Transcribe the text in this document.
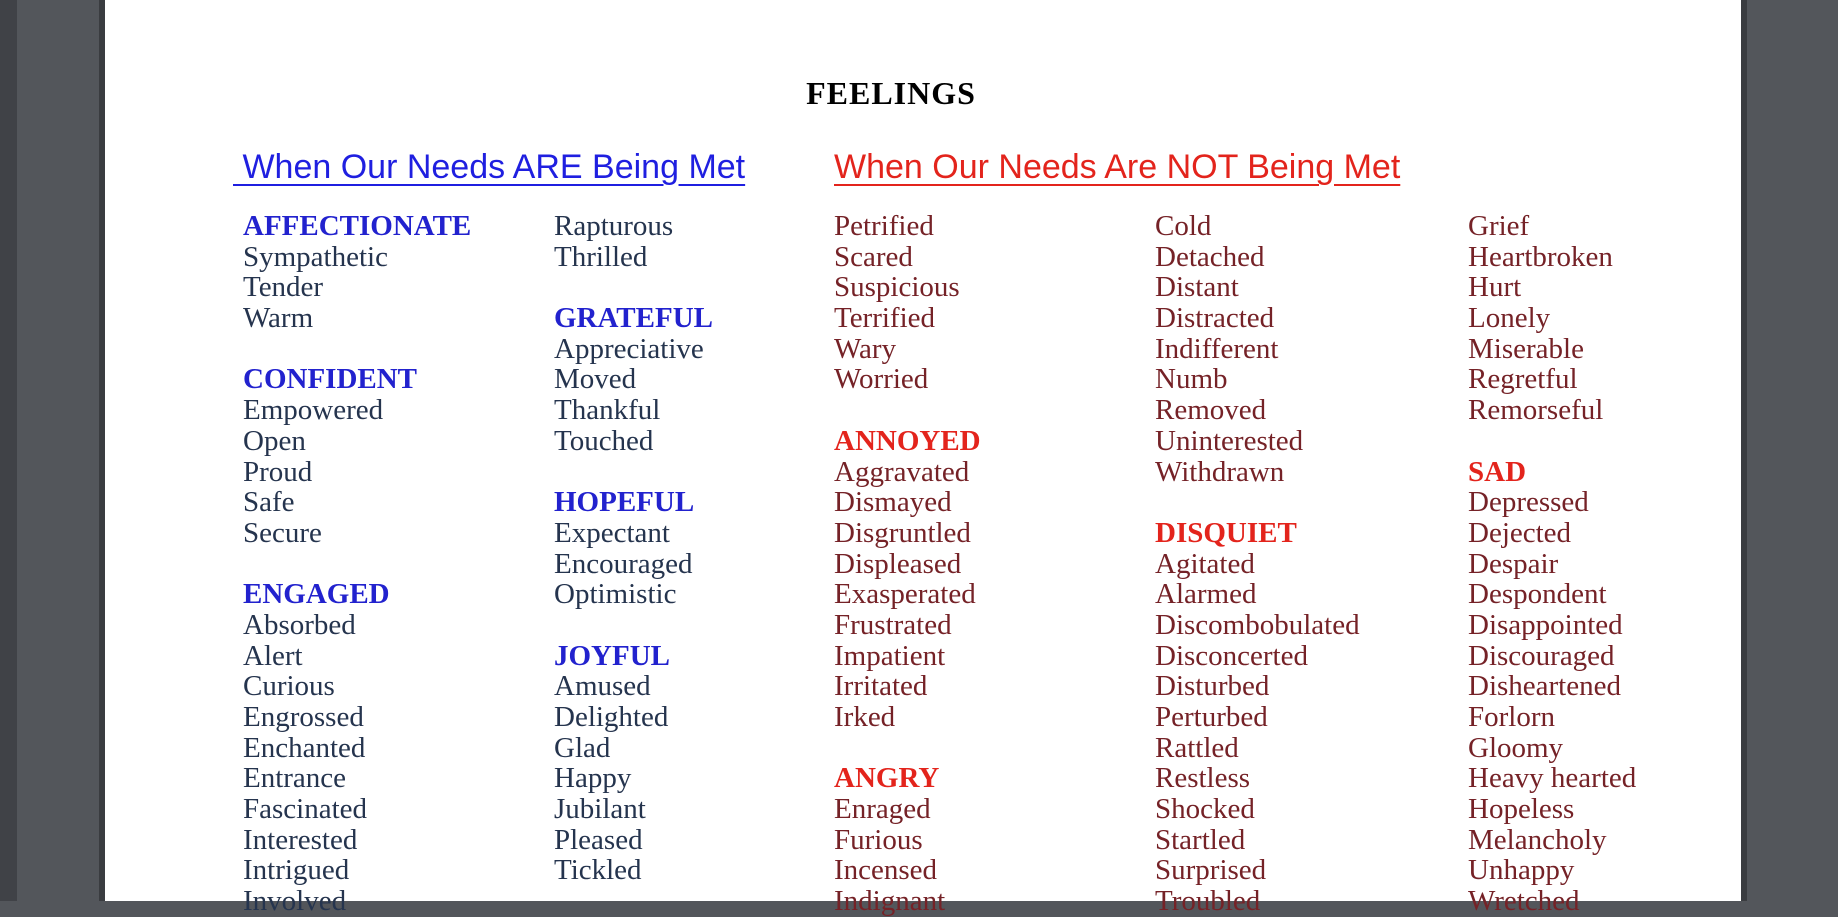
FEELINGS
When Our Needs ARE Being Met	When Our Needs Are NOT Being Met
AFFECTIONATE
Sympathetic
Tender
Warm

CONFIDENT
Empowered
Open
Proud
Safe
Secure

ENGAGED
Absorbed
Alert
Curious
Engrossed
Enchanted
Entrance
Fascinated
Interested
Intrigued
Involved
Rapturous
Thrilled

GRATEFUL
Appreciative
Moved
Thankful
Touched

HOPEFUL
Expectant
Encouraged
Optimistic

JOYFUL
Amused
Delighted
Glad
Happy
Jubilant
Pleased
Tickled

Petrified
Scared
Suspicious
Terrified
Wary
Worried

ANNOYED
Aggravated
Dismayed
Disgruntled
Displeased
Exasperated
Frustrated
Impatient
Irritated
Irked

ANGRY
Enraged
Furious
Incensed
Indignant
Cold
Detached
Distant
Distracted
Indifferent
Numb
Removed
Uninterested
Withdrawn

DISQUIET
Agitated
Alarmed
Discombobulated
Disconcerted
Disturbed
Perturbed
Rattled
Restless
Shocked
Startled
Surprised
Troubled
Grief
Heartbroken
Hurt
Lonely
Miserable
Regretful
Remorseful

SAD
Depressed
Dejected
Despair
Despondent
Disappointed
Discouraged
Disheartened
Forlorn
Gloomy
Heavy hearted
Hopeless
Melancholy
Unhappy
Wretched
